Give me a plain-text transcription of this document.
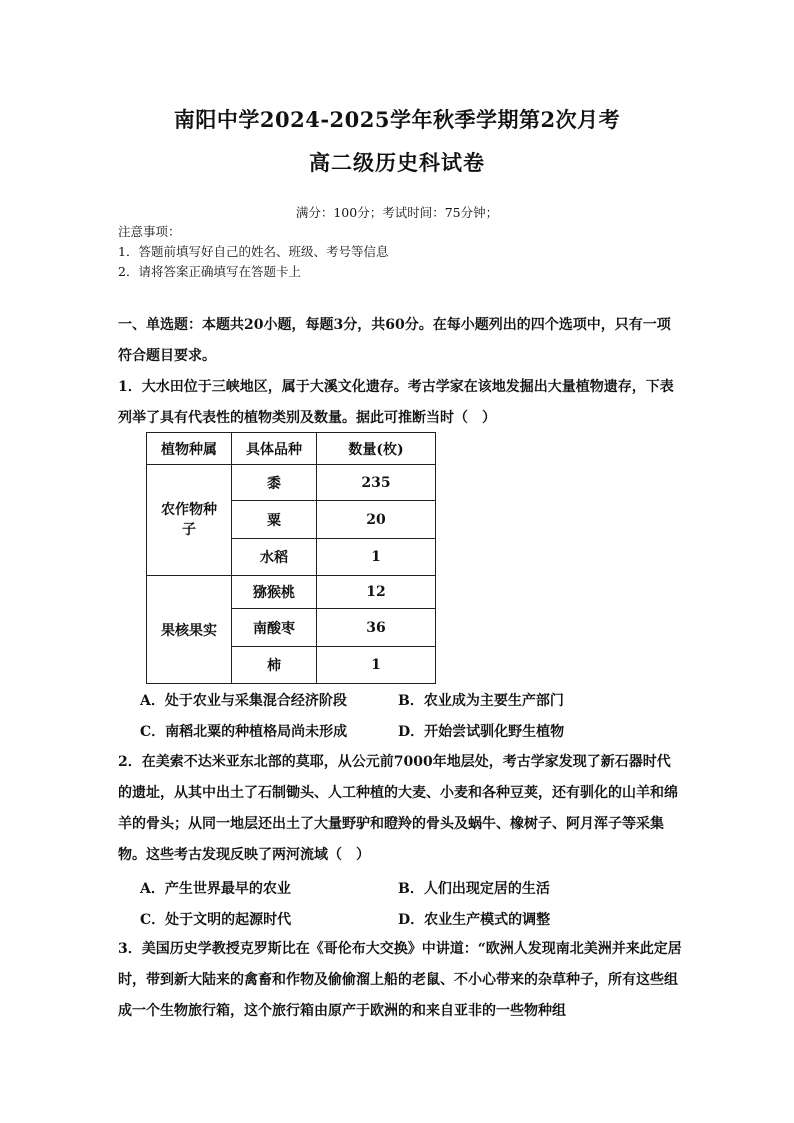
南阳中学2024-2025学年秋季学期第2次月考
高二级历史科试卷
满分：100分；考试时间：75分钟；
注意事项：
1．答题前填写好自己的姓名、班级、考号等信息
2．请将答案正确填写在答题卡上
一、单选题：本题共20小题，每题3分，共60分。在每小题列出的四个选项中，只有一项符合题目要求。
1．大水田位于三峡地区，属于大溪文化遗存。考古学家在该地发掘出大量植物遗存，下表列举了具有代表性的植物类别及数量。据此可推断当时（　）
植物种属	具体品种	数量(枚)
农作物种子	黍	235
	粟	20
	水稻	1
果核果实	猕猴桃	12
	南酸枣	36
	柿	1
A．处于农业与采集混合经济阶段	B．农业成为主要生产部门
C．南稻北粟的种植格局尚未形成	D．开始尝试驯化野生植物
2．在美索不达米亚东北部的莫耶，从公元前7000年地层处，考古学家发现了新石器时代的遗址，从其中出土了石制锄头、人工种植的大麦、小麦和各种豆荚，还有驯化的山羊和绵羊的骨头；从同一地层还出土了大量野驴和瞪羚的骨头及蜗牛、橡树子、阿月浑子等采集物。这些考古发现反映了两河流域（　）
A．产生世界最早的农业	B．人们出现定居的生活
C．处于文明的起源时代	D．农业生产模式的调整
3．美国历史学教授克罗斯比在《哥伦布大交换》中讲道：“欧洲人发现南北美洲并来此定居时，带到新大陆来的禽畜和作物及偷偷溜上船的老鼠、不小心带来的杂草种子，所有这些组成一个生物旅行箱，这个旅行箱由原产于欧洲的和来自亚非的一些物种组
